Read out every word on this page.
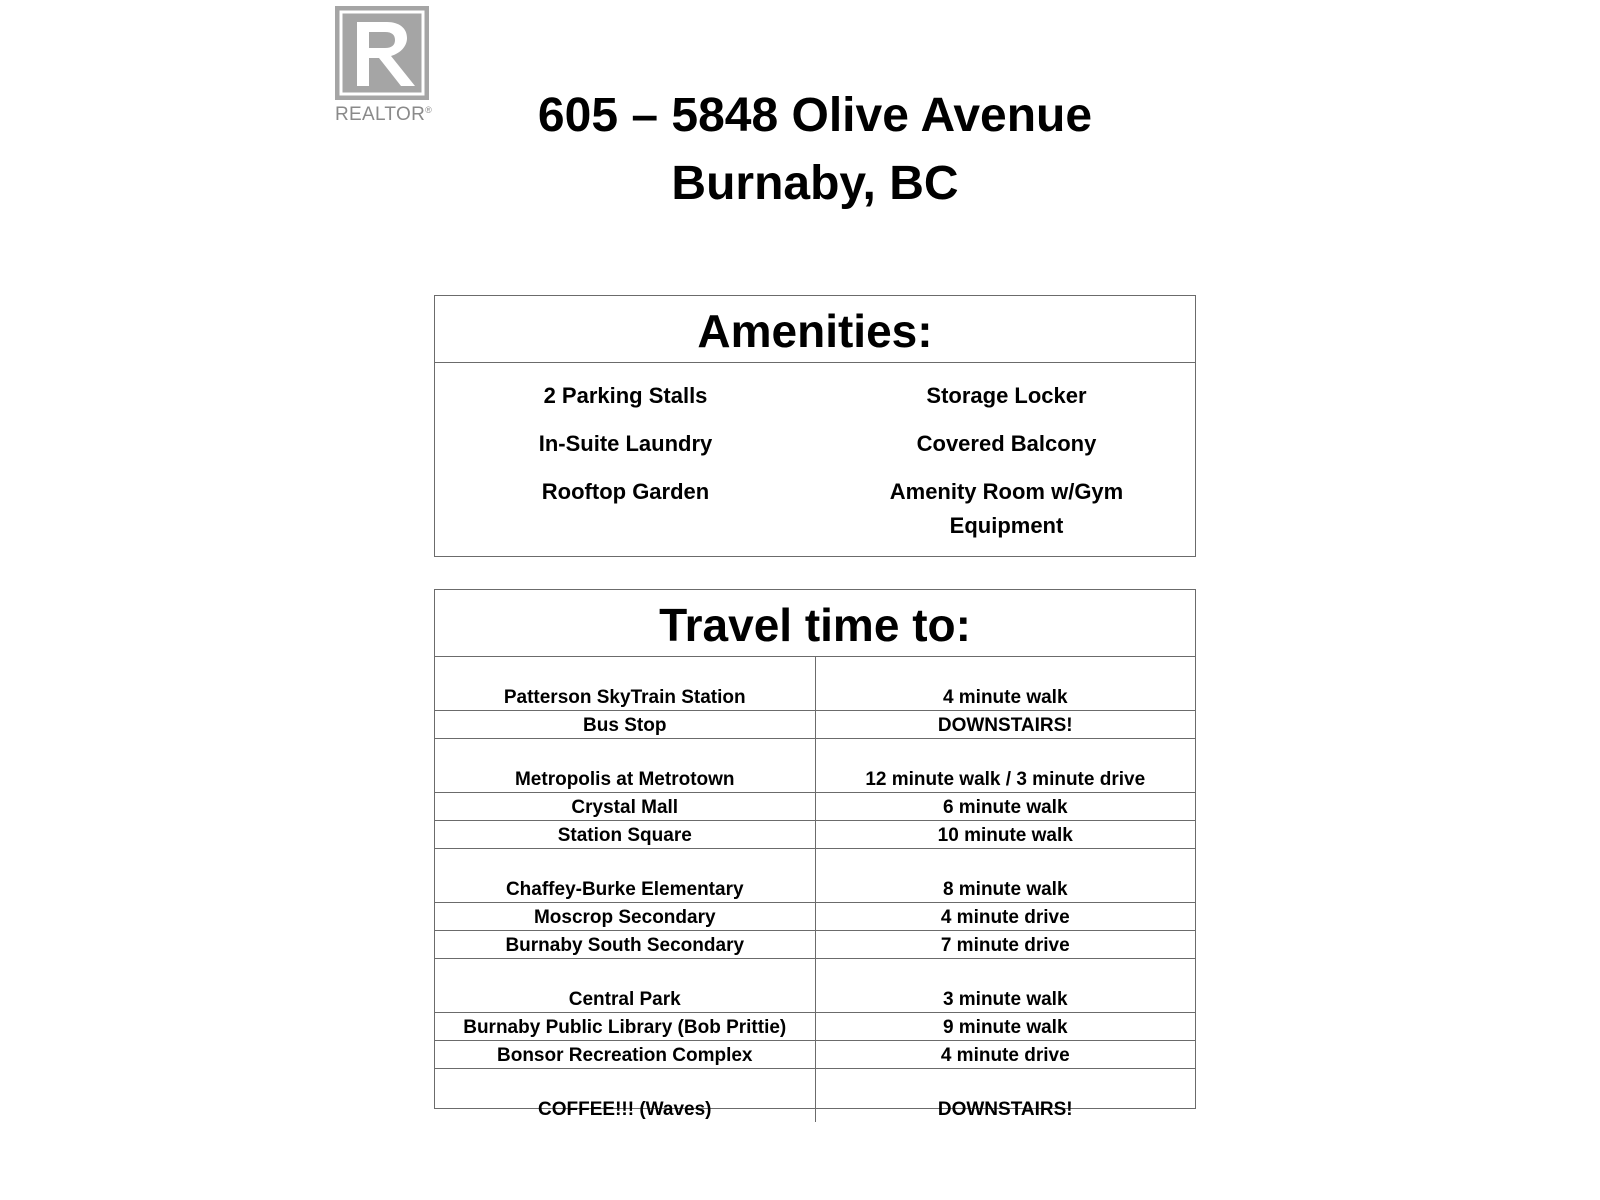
REALTOR®	605 – 5848 Olive Avenue
Burnaby, BC
Amenities:
2 Parking Stalls	Storage Locker
In-Suite Laundry	Covered Balcony
Rooftop Garden	Amenity Room w/Gym Equipment
Travel time to:
Patterson SkyTrain Station	4 minute walk
Bus Stop	DOWNSTAIRS!
Metropolis at Metrotown	12 minute walk / 3 minute drive
Crystal Mall	6 minute walk
Station Square	10 minute walk
Chaffey-Burke Elementary	8 minute walk
Moscrop Secondary	4 minute drive
Burnaby South Secondary	7 minute drive
Central Park	3 minute walk
Burnaby Public Library (Bob Prittie)	9 minute walk
Bonsor Recreation Complex	4 minute drive
COFFEE!!! (Waves)	DOWNSTAIRS!
